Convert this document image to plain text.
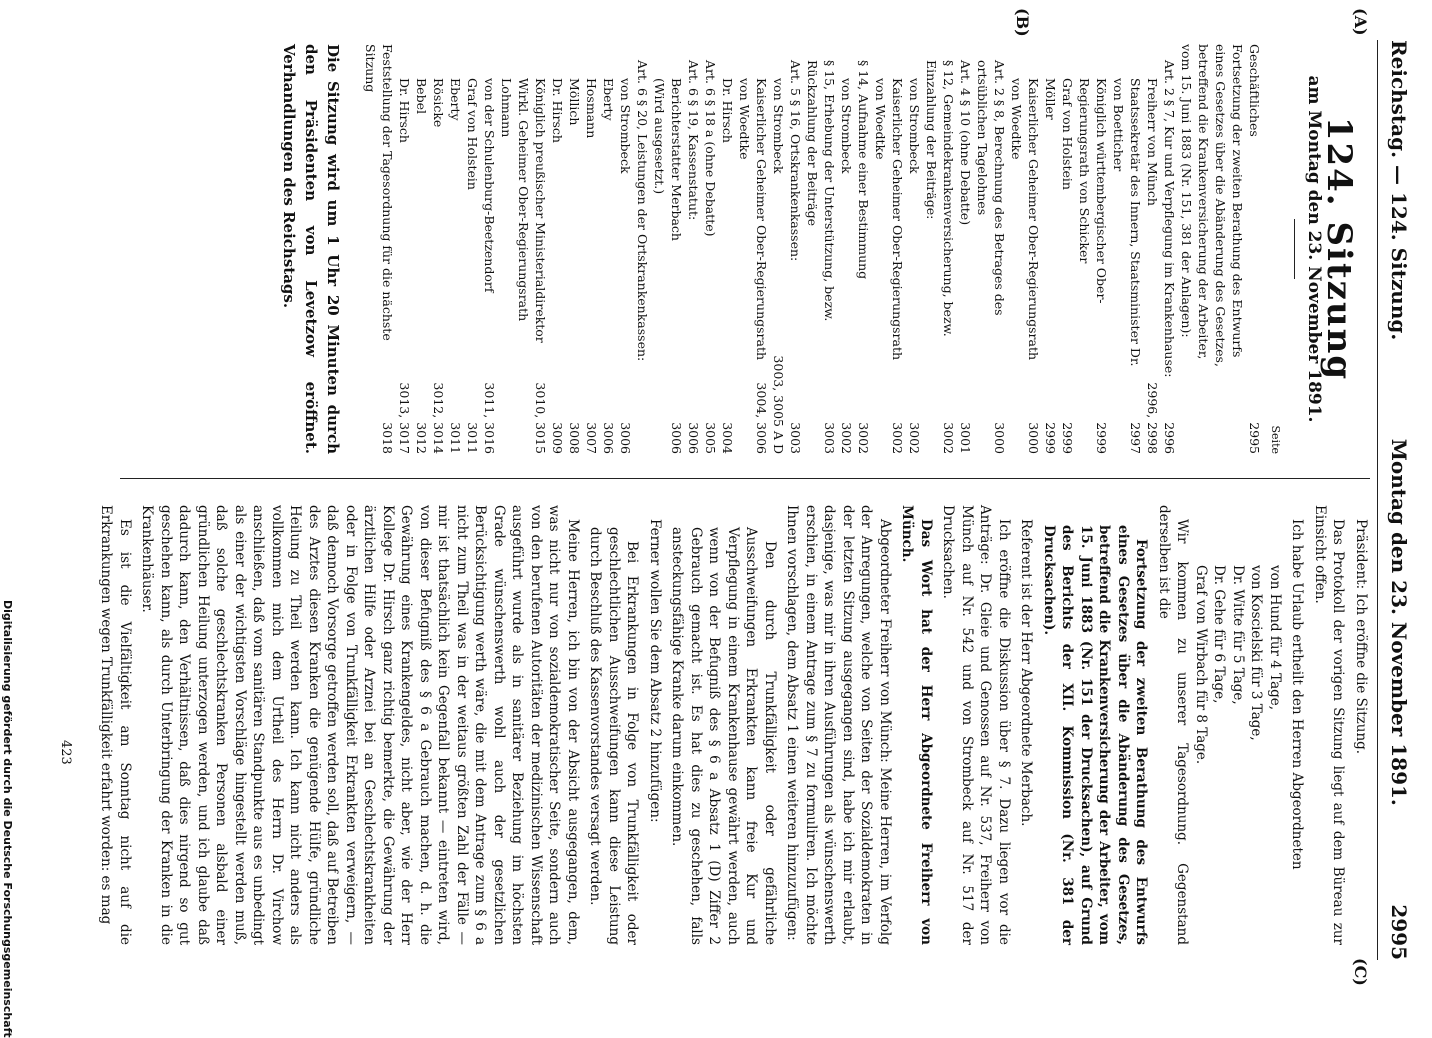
Reichstag. — 124. Sitzung.
Montag den 23. November 1891.
2995
(A)
(B)
(C)
124. Sitzung
am Montag den 23. November 1891.
Seite
Geschäftliches
2995
Fortsetzung der zweiten Berathung des Entwurfs eines Gesetzes über die Abänderung des Gesetzes, betreffend die Krankenversicherung der Arbeiter, vom 15. Juni 1883 (Nr. 151, 381 der Anlagen):
Art. 2 § 7, Kur und Verpflegung im Krankenhause:
2996
Freiherr von Münch
2996, 2998
Staatssekretär des Innern, Staatsminister Dr. von Boetticher
2997
Königlich württembergischer Ober-Regierungsrath von Schicker
2999
Graf von Holstein
2999
Möller
2999
Kaiserlicher Geheimer Ober-Regierungsrath von Woedtke
3000
Art. 2 § 8, Berechnung des Betrages des ortsüblichen Tagelohnes
3000
Art. 4 § 10 (ohne Debatte)
3001
§ 12, Gemeindekrankenversicherung, bezw. Einzahlung der Beiträge:
3002
von Strombeck
3002
Kaiserlicher Geheimer Ober-Regierungsrath von Woedtke
3002
§ 14, Aufnahme einer Bestimmung
3002
von Strombeck
3002
§ 15, Erhebung der Unterstützung, bezw. Rückzahlung der Beiträge
3003
Art. 5 § 16, Ortskrankenkassen:
3003
von Strombeck
3003, 3005 A D
Kaiserlicher Geheimer Ober-Regierungsrath von Woedtke
3004, 3006
Dr. Hirsch
3004
Art. 6 § 18 a (ohne Debatte)
3005
Art. 6 § 19, Kassenstatut:
3006
Berichterstatter Merbach
3006
(Wird ausgesetzt.)
Art. 6 § 20, Leistungen der Ortskrankenkassen:
von Strombeck
3006
Eberty
3006
Hosmann
3007
Möllich
3008
Dr. Hirsch
3009
Königlich preußischer Ministerialdirektor Wirkl. Geheimer Ober-Regierungsrath Lohmann
3010, 3015
von der Schulenburg-Beetzendorf
3011, 3016
Graf von Holstein
3011
Eberty
3011
Rösicke
3012, 3014
Bebel
3012
Dr. Hirsch
3013, 3017
Feststellung der Tagesordnung für die nächste Sitzung
3018
Die Sitzung wird um 1 Uhr 20 Minuten durch den Präsidenten von Levetzow eröffnet. Verhandlungen des Reichstags.

Präsident: Ich eröffne die Sitzung.

Das Protokoll der vorigen Sitzung liegt auf dem Büreau zur Einsicht offen.

Ich habe Urlaub ertheilt den Herren Abgeordneten

von Hund für 4 Tage,
von Koscielski für 3 Tage,
Dr. Witte für 5 Tage,
Dr. Gehe für 6 Tage,
Graf von Wirbach für 8 Tage.

Wir kommen zu unserer Tagesordnung. Gegenstand derselben ist die

Fortsetzung der zweiten Berathung des Entwurfs eines Gesetzes über die Abänderung des Gesetzes, betreffend die Krankenversicherung der Arbeiter, vom 15. Juni 1883 (Nr. 151 der Drucksachen), auf Grund des Berichts der XII. Kommission (Nr. 381 der Drucksachen).

Referent ist der Herr Abgeordnete Merbach.

Ich eröffne die Diskussion über § 7. Dazu liegen vor die Anträge: Dr. Gleie und Genossen auf Nr. 537, Freiherr von Münch auf Nr. 542 und von Strombeck auf Nr. 517 der Drucksachen.

Das Wort hat der Herr Abgeordnete Freiherr von Münch.

Abgeordneter Freiherr von Münch: Meine Herren, im Verfolg der Anregungen, welche von Seiten der Sozialdemokraten in der letzten Sitzung ausgegangen sind, habe ich mir erlaubt, dasjenige, was mir in ihren Ausführungen als wünschenswerth erschien, in einem Antrage zum § 7 zu formuliren. Ich möchte Ihnen vorschlagen, dem Absatz 1 einen weiteren hinzuzufügen:

Den durch Trunkfälligkeit oder gefährliche Ausschweifungen Erkrankten kann freie Kur und Verpflegung in einem Krankenhause gewährt werden, auch wenn von der Befugniß des § 6 a Absatz 1 (D) Ziffer 2 Gebrauch gemacht ist. Es hat dies zu geschehen, falls ansteckungsfähige Kranke darum einkommen.

Ferner wollen Sie dem Absatz 2 hinzufügen:

Bei Erkrankungen in Folge von Trunkfälligkeit oder geschlechtlichen Ausschweifungen kann diese Leistung durch Beschluß des Kassenvorstandes versagt werden.

Meine Herren, ich bin von der Absicht ausgegangen, dem, was nicht nur von sozialdemokratischer Seite, sondern auch von den berufenen Autoritäten der medizinischen Wissenschaft ausgeführt wurde als in sanitärer Beziehung im höchsten Grade wünschenswerth wohl auch der gesetzlichen Berücksichtigung werth wäre, die mit dem Antrage zum § 6 a nicht zum Theil was in der weitaus größten Zahl der Fälle — mir ist thatsächlich kein Gegenfall bekannt — eintreten wird, von dieser Befugniß des § 6 a Gebrauch machen, d. h. die Gewährung eines Krankengeldes, nicht aber, wie der Herr Kollege Dr. Hirsch ganz richtig bemerkte, die Gewährung der ärztlichen Hilfe oder Arznei bei an Geschlechtskrankheiten oder in Folge von Trunkfälligkeit Erkrankten verweigern, — daß dennoch Vorsorge getroffen werden soll, daß auf Betreiben des Arztes diesen Kranken die genügende Hülfe, gründliche Heilung zu Theil werden kann. Ich kann nicht anders als vollkommen mich dem Urtheil des Herrn Dr. Virchow anschließen, daß vom sanitären Standpunkte aus es unbedingt als einer der wichtigsten Vorschläge hingestellt werden muß, daß solche geschlechtskranken Personen alsbald einer gründlichen Heilung unterzogen werden, und ich glaube daß dadurch kann, den Verhältnissen, daß dies nirgend so gut geschehen kann, als durch Unterbringung der Kranken in die Krankenhäuser.

Es ist die Vielfältigkeit am Sonntag nicht auf die Erkrankungen wegen Trunkfälligkeit erfahrt worden: es mag

423
Digitalisierung gefördert durch die Deutsche Forschungsgemeinschaft
